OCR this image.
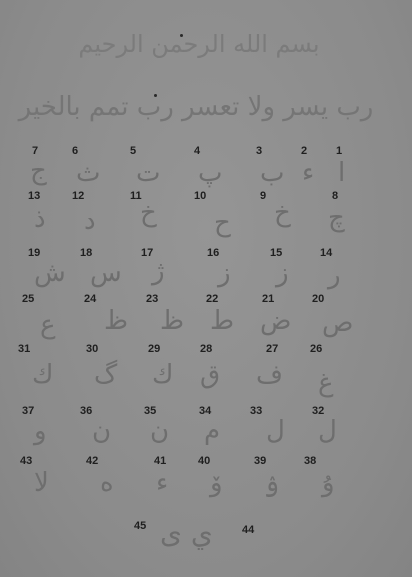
بسم الله الرحمن الرحيم
رب يسر ولا تعسر رب تمم بالخير
1
ا
2
ء
3
ب
4
پ
5
ت
6
ث
7
ج
8
چ
9
خ
10
ح
11
خ
12
د
13
ذ
14
ر
15
ز
16
ز
17
ژ
18
س
19
ش
20
ص
21
ض
22
ط
23
ظ
24
ظ
25
ع
26
غ
27
ف
28
ق
29
ك
30
گ
31
ك
32
ل
33
ل
34
م
35
ن
36
ن
37
و
38
ۇ
39
ۉ
40
ۆ
41
ء
42
ه
43
لا
44
45 ي ی
